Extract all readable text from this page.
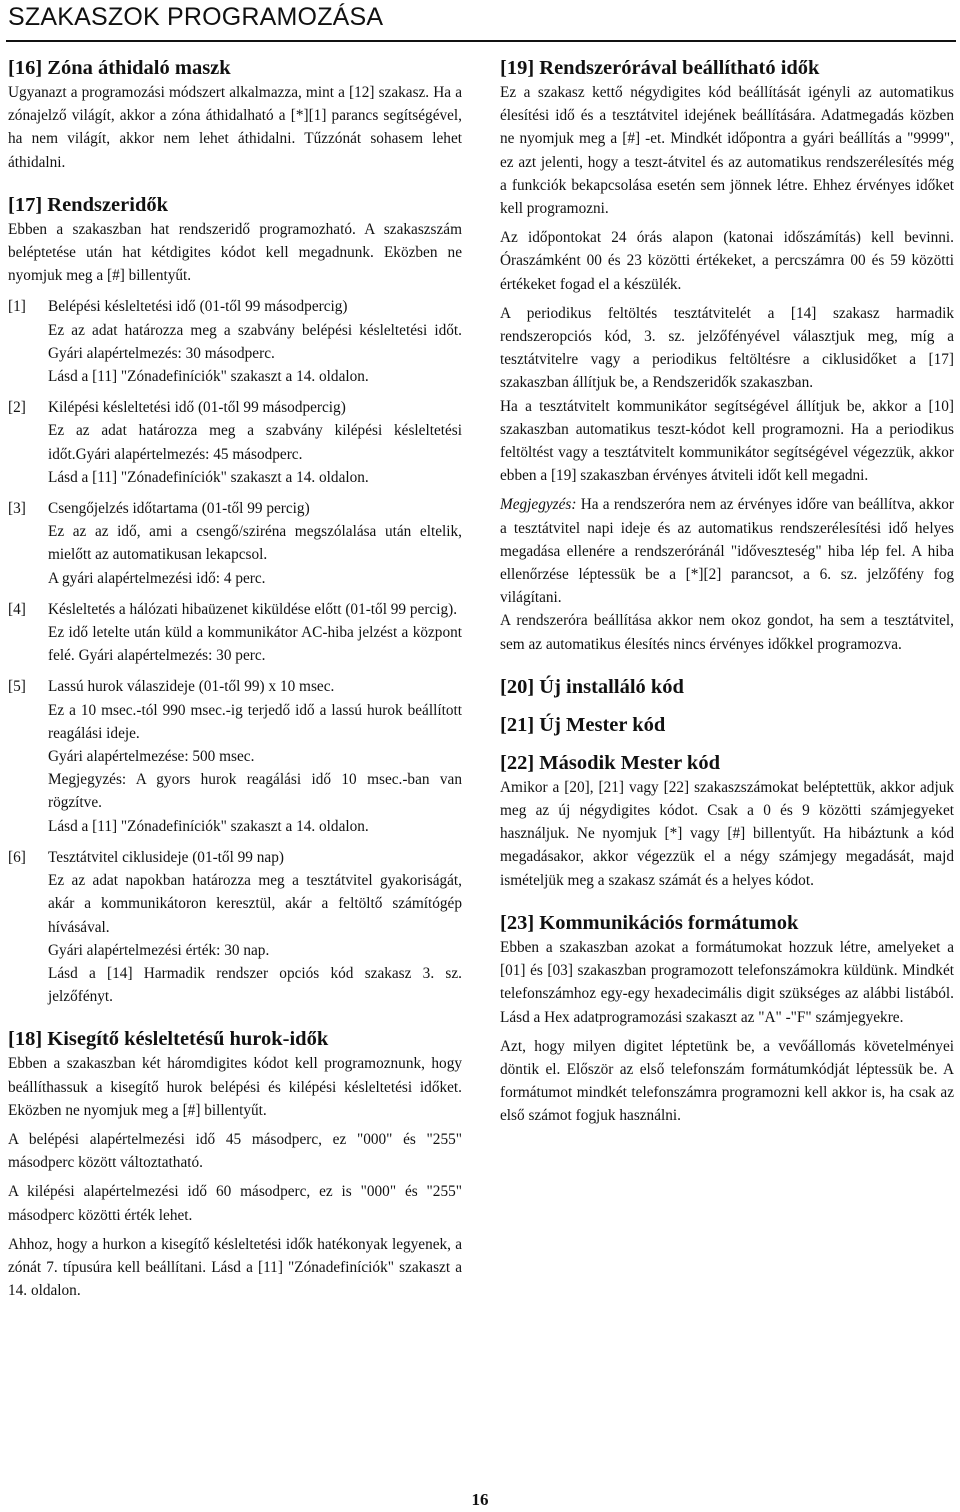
SZAKASZOK PROGRAMOZÁSA
[16] Zóna áthidaló maszk

Ugyanazt a programozási módszert alkalmazza, mint a [12] szakasz. Ha a zónajelző világít, akkor a zóna áthidalható a [*][1] parancs segítségével, ha nem világít, akkor nem lehet áthidalni. Tűzzónát sohasem lehet áthidalni.

[17] Rendszeridők

Ebben a szakaszban hat rendszeridő programozható. A szakaszszám beléptetése után hat kétdigites kódot kell megadnunk. Eközben ne nyomjuk meg a [#] billentyűt.

[1]	Belépési késleltetési idő (01-től 99 másodpercig)

Ez az adat határozza meg a szabvány belépési késleltetési időt. Gyári alapértelmezés: 30 másodperc.

Lásd a [11] "Zónadefiníciók" szakaszt a 14. oldalon.

[2]	Kilépési késleltetési idő (01-től 99 másodpercig)

Ez az adat határozza meg a szabvány kilépési késleltetési időt.Gyári alapértelmezés: 45 másodperc.

Lásd a [11] "Zónadefiníciók" szakaszt a 14. oldalon.

[3]	Csengőjelzés időtartama (01-től 99 percig)

Ez az az idő, ami a csengő/sziréna megszólalása után eltelik, mielőtt az automatikusan lekapcsol.

A gyári alapértelmezési idő: 4 perc.

[4]	Késleltetés a hálózati hibaüzenet kiküldése előtt (01-től 99 percig).

Ez idő letelte után küld a kommunikátor AC-hiba jelzést a központ felé. Gyári alapértelmezés: 30 perc.

[5]	Lassú hurok válaszideje (01-től 99) x 10 msec.

Ez a 10 msec.-tól 990 msec.-ig terjedő idő a lassú hurok beállított reagálási ideje.

Gyári alapértelmezése: 500 msec.

Megjegyzés: A gyors hurok reagálási idő 10 msec.-ban van rögzítve.

Lásd a [11] "Zónadefiníciók" szakaszt a 14. oldalon.

[6]	Tesztátvitel ciklusideje (01-től 99 nap)

Ez az adat napokban határozza meg a tesztátvitel gyakoriságát, akár a kommunikátoron keresztül, akár a feltöltő számítógép hívásával.

Gyári alapértelmezési érték: 30 nap.

Lásd a [14] Harmadik rendszer opciós kód szakasz 3. sz. jelzőfényt.

[18] Kisegítő késleltetésű hurok-idők

Ebben a szakaszban két háromdigites kódot kell programoznunk, hogy beállíthassuk a kisegítő hurok belépési és kilépési késleltetési időket. Eközben ne nyomjuk meg a [#] billentyűt.

A belépési alapértelmezési idő 45 másodperc, ez "000" és "255" másodperc között változtatható.

A kilépési alapértelmezési idő 60 másodperc, ez is "000" és "255" másodperc közötti érték lehet.

Ahhoz, hogy a hurkon a kisegítő késleltetési idők hatékonyak legyenek, a zónát 7. típusúra kell beállítani. Lásd a [11] "Zónadefiníciók" szakaszt a 14. oldalon.

[19] Rendszerórával beállítható idők

Ez a szakasz kettő négydigites kód beállítását igényli az automatikus élesítési idő és a tesztátvitel idejének beállítására. Adatmegadás közben ne nyomjuk meg a [#] -et. Mindkét időpontra a gyári beállítás a "9999", ez azt jelenti, hogy a teszt-átvitel és az automatikus rendszerélesítés még a funkciók bekapcsolása esetén sem jönnek létre. Ehhez érvényes időket kell programozni.

Az időpontokat 24 órás alapon (katonai időszámítás) kell bevinni. Óraszámként 00 és 23 közötti értékeket, a percszámra 00 és 59 közötti értékeket fogad el a készülék.

A periodikus feltöltés tesztátvitelét a [14] szakasz harmadik rendszeropciós kód, 3. sz. jelzőfényével választjuk meg, míg a tesztátvitelre vagy a periodikus feltöltésre a ciklusidőket a [17] szakaszban állítjuk be, a Rendszeridők szakaszban.

Ha a tesztátvitelt kommunikátor segítségével állítjuk be, akkor a [10] szakaszban automatikus teszt-kódot kell programozni. Ha a periodikus feltöltést vagy a tesztátvitelt kommunikátor segítségével végezzük, akkor ebben a [19] szakaszban érvényes átviteli időt kell megadni.

Megjegyzés: Ha a rendszeróra nem az érvényes időre van beállítva, akkor a tesztátvitel napi ideje és az automatikus rendszerélesítési idő helyes megadása ellenére a rendszeróránál "időveszteség" hiba lép fel. A hiba ellenőrzése léptessük be a [*][2] parancsot, a 6. sz. jelzőfény fog világítani.

A rendszeróra beállítása akkor nem okoz gondot, ha sem a tesztátvitel, sem az automatikus élesítés nincs érvényes időkkel programozva.

[20] Új installáló kód
[21] Új Mester kód
[22] Második Mester kód

Amikor a [20], [21] vagy [22] szakaszszámokat beléptettük, akkor adjuk meg az új négydigites kódot. Csak a 0 és 9 közötti számjegyeket használjuk. Ne nyomjuk [*] vagy [#] billentyűt. Ha hibáztunk a kód megadásakor, akkor végezzük el a négy számjegy megadását, majd ismételjük meg a szakasz számát és a helyes kódot.

[23] Kommunikációs formátumok

Ebben a szakaszban azokat a formátumokat hozzuk létre, amelyeket a [01] és [03] szakaszban programozott telefonszámokra küldünk. Mindkét telefonszámhoz egy-egy hexadecimális digit szükséges az alábbi listából. Lásd a Hex adatprogramozási szakaszt az "A" -"F" számjegyekre.

Azt, hogy milyen digitet léptetünk be, a vevőállomás követelményei döntik el. Először az első telefonszám formátumkódját léptessük be. A formátumot mindkét telefonszámra programozni kell akkor is, ha csak az első számot fogjuk használni.

16
